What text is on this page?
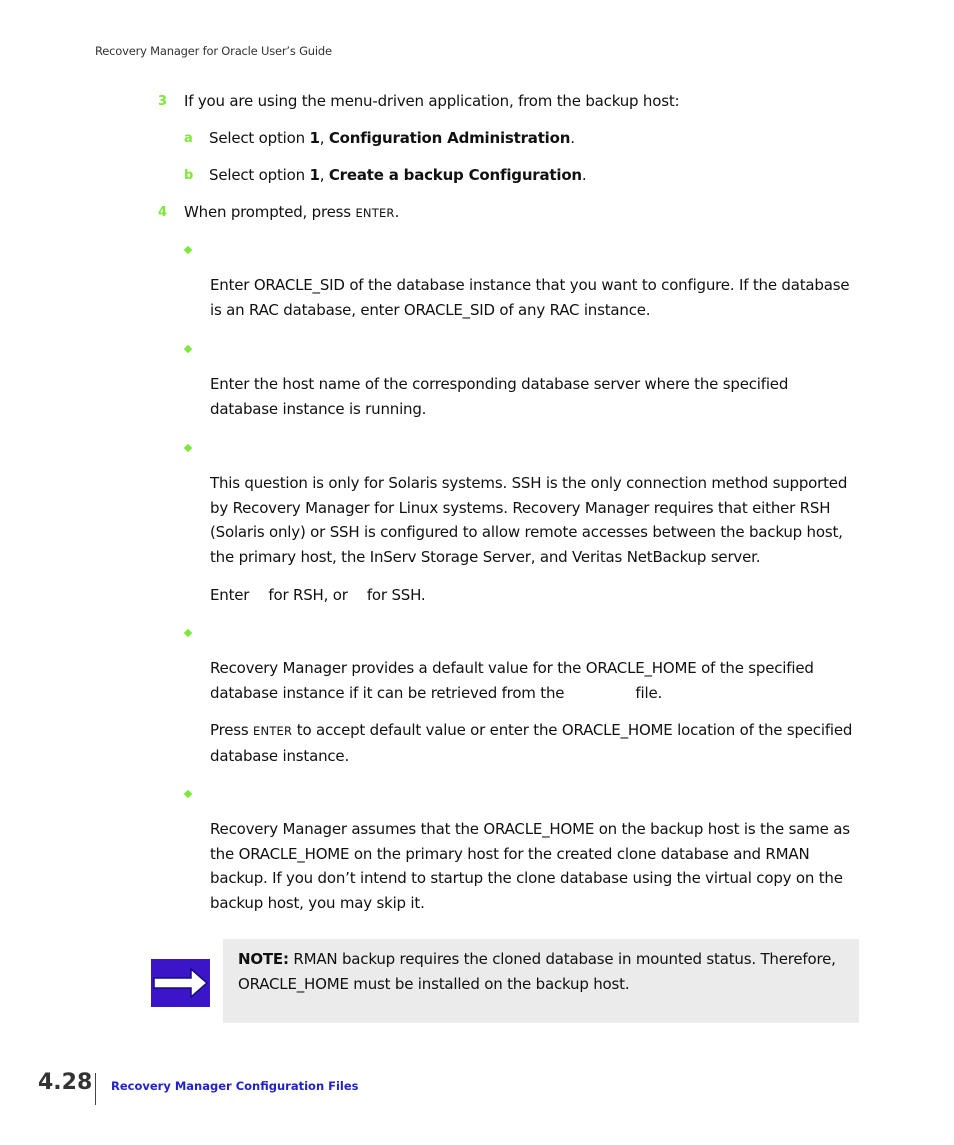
Recovery Manager for Oracle User’s Guide
3 If you are using the menu-driven application, from the backup host:
a Select option 1, Configuration Administration.
b Select option 1, Create a backup Configuration.
4 When prompted, press ENTER.
Enter ORACLE_SID of the database instance that you want to configure. If the database is an RAC database, enter ORACLE_SID of any RAC instance.
Enter the host name of the corresponding database server where the specified database instance is running.
This question is only for Solaris systems. SSH is the only connection method supported by Recovery Manager for Linux systems. Recovery Manager requires that either RSH (Solaris only) or SSH is configured to allow remote accesses between the backup host, the primary host, the InServ Storage Server, and Veritas NetBackup server.
Enter  for RSH, or  for SSH.
Recovery Manager provides a default value for the ORACLE_HOME of the specified database instance if it can be retrieved from the	file.
Press ENTER to accept default value or enter the ORACLE_HOME location of the specified database instance.
Recovery Manager assumes that the ORACLE_HOME on the backup host is the same as the ORACLE_HOME on the primary host for the created clone database and RMAN backup. If you don’t intend to startup the clone database using the virtual copy on the backup host, you may skip it.
NOTE: RMAN backup requires the cloned database in mounted status. Therefore, ORACLE_HOME must be installed on the backup host.
4.28 Recovery Manager Configuration Files
